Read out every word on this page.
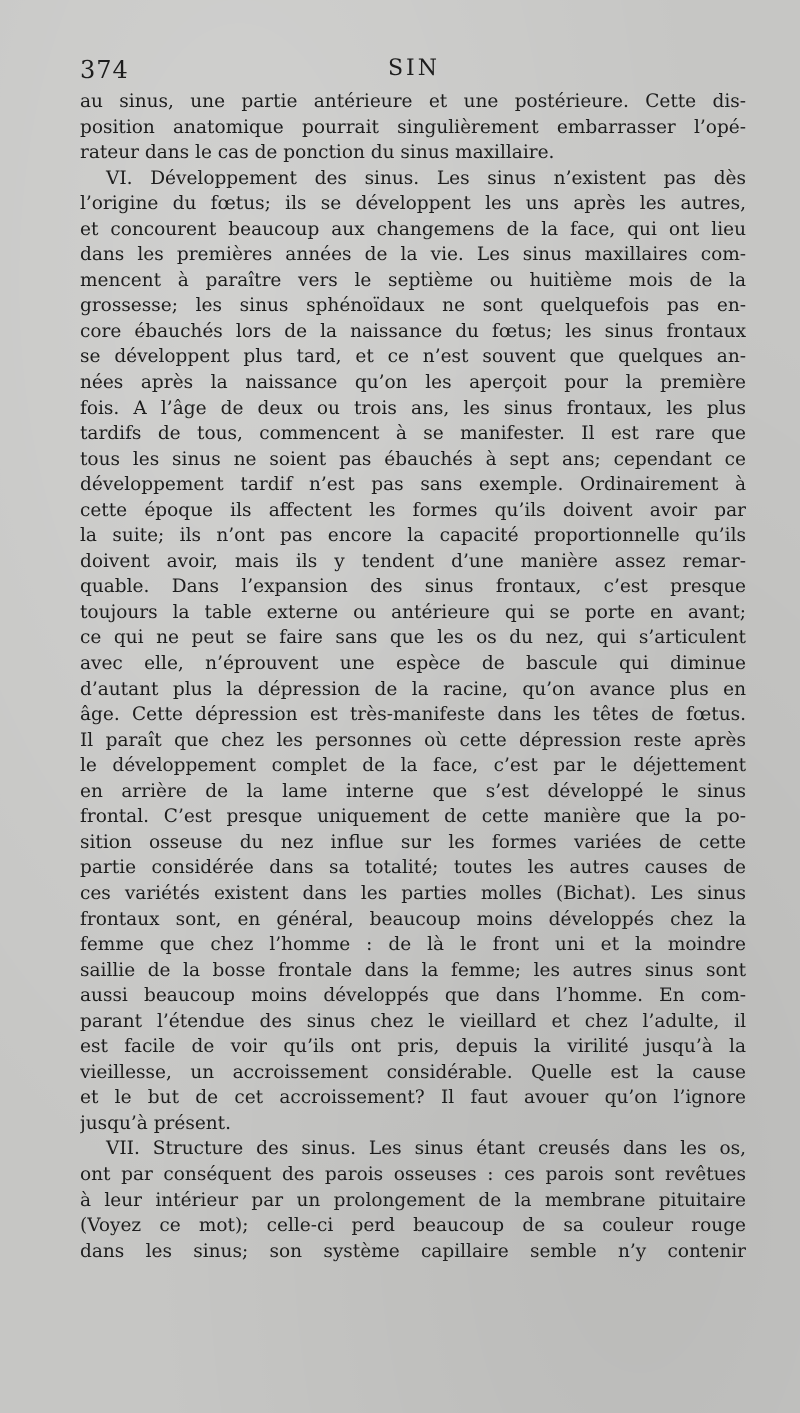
374	SIN
au sinus, une partie antérieure et une postérieure. Cette dis-
position anatomique pourrait singulièrement embarrasser l’opé-
rateur dans le cas de ponction du sinus maxillaire.
VI. Développement des sinus. Les sinus n’existent pas dès
l’origine du fœtus; ils se développent les uns après les autres,
et concourent beaucoup aux changemens de la face, qui ont lieu
dans les premières années de la vie. Les sinus maxillaires com-
mencent à paraître vers le septième ou huitième mois de la
grossesse; les sinus sphénoïdaux ne sont quelquefois pas en-
core ébauchés lors de la naissance du fœtus; les sinus frontaux
se développent plus tard, et ce n’est souvent que quelques an-
nées après la naissance qu’on les aperçoit pour la première
fois. A l’âge de deux ou trois ans, les sinus frontaux, les plus
tardifs de tous, commencent à se manifester. Il est rare que
tous les sinus ne soient pas ébauchés à sept ans; cependant ce
développement tardif n’est pas sans exemple. Ordinairement à
cette époque ils affectent les formes qu’ils doivent avoir par
la suite; ils n’ont pas encore la capacité proportionnelle qu’ils
doivent avoir, mais ils y tendent d’une manière assez remar-
quable. Dans l’expansion des sinus frontaux, c’est presque
toujours la table externe ou antérieure qui se porte en avant;
ce qui ne peut se faire sans que les os du nez, qui s’articulent
avec elle, n’éprouvent une espèce de bascule qui diminue
d’autant plus la dépression de la racine, qu’on avance plus en
âge. Cette dépression est très-manifeste dans les têtes de fœtus.
Il paraît que chez les personnes où cette dépression reste après
le développement complet de la face, c’est par le déjettement
en arrière de la lame interne que s’est développé le sinus
frontal. C’est presque uniquement de cette manière que la po-
sition osseuse du nez influe sur les formes variées de cette
partie considérée dans sa totalité; toutes les autres causes de
ces variétés existent dans les parties molles (Bichat). Les sinus
frontaux sont, en général, beaucoup moins développés chez la
femme que chez l’homme : de là le front uni et la moindre
saillie de la bosse frontale dans la femme; les autres sinus sont
aussi beaucoup moins développés que dans l’homme. En com-
parant l’étendue des sinus chez le vieillard et chez l’adulte, il
est facile de voir qu’ils ont pris, depuis la virilité jusqu’à la
vieillesse, un accroissement considérable. Quelle est la cause
et le but de cet accroissement? Il faut avouer qu’on l’ignore
jusqu’à présent.
VII. Structure des sinus. Les sinus étant creusés dans les os,
ont par conséquent des parois osseuses : ces parois sont revêtues
à leur intérieur par un prolongement de la membrane pituitaire
(Voyez ce mot); celle-ci perd beaucoup de sa couleur rouge
dans les sinus; son système capillaire semble n’y contenir
